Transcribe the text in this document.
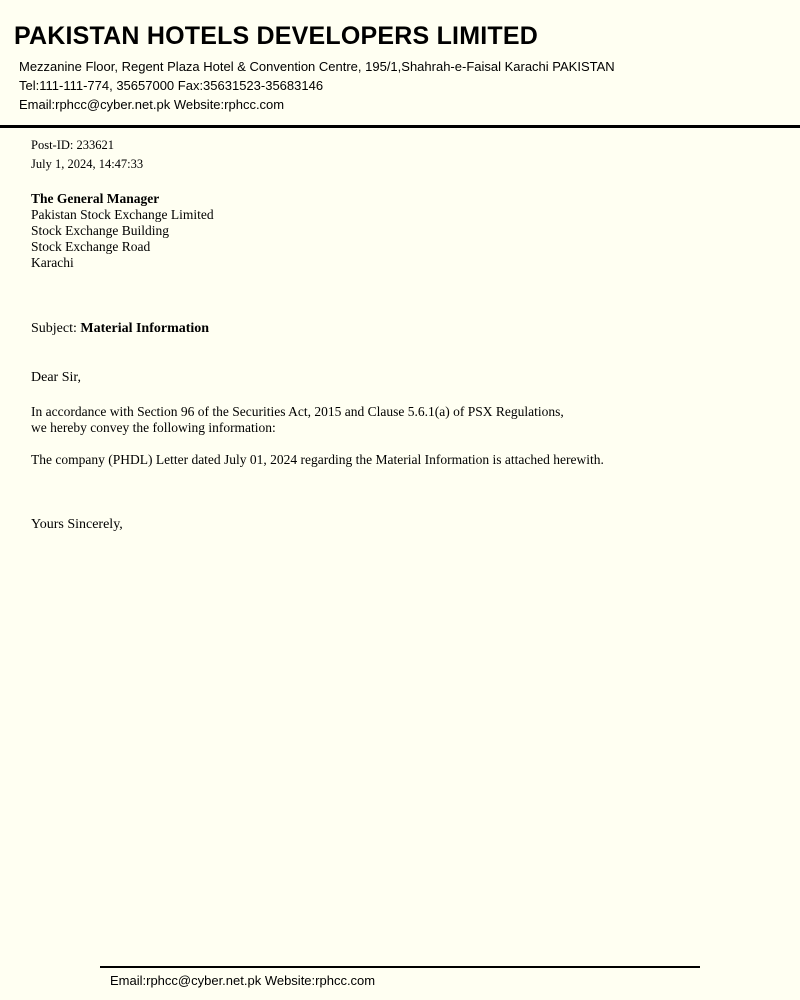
PAKISTAN HOTELS DEVELOPERS LIMITED
Mezzanine Floor, Regent Plaza Hotel & Convention Centre, 195/1,Shahrah-e-Faisal Karachi PAKISTAN
Tel:111-111-774, 35657000 Fax:35631523-35683146
Email:rphcc@cyber.net.pk Website:rphcc.com
Post-ID: 233621
July 1, 2024, 14:47:33
The General Manager
Pakistan Stock Exchange Limited
Stock Exchange Building
Stock Exchange Road
Karachi
Subject: Material Information
Dear Sir,
In accordance with Section 96 of the Securities Act, 2015 and Clause 5.6.1(a) of PSX Regulations,
we hereby convey the following information:
The company (PHDL) Letter dated July 01, 2024 regarding the Material Information is attached herewith.
Yours Sincerely,
Email:rphcc@cyber.net.pk Website:rphcc.com
